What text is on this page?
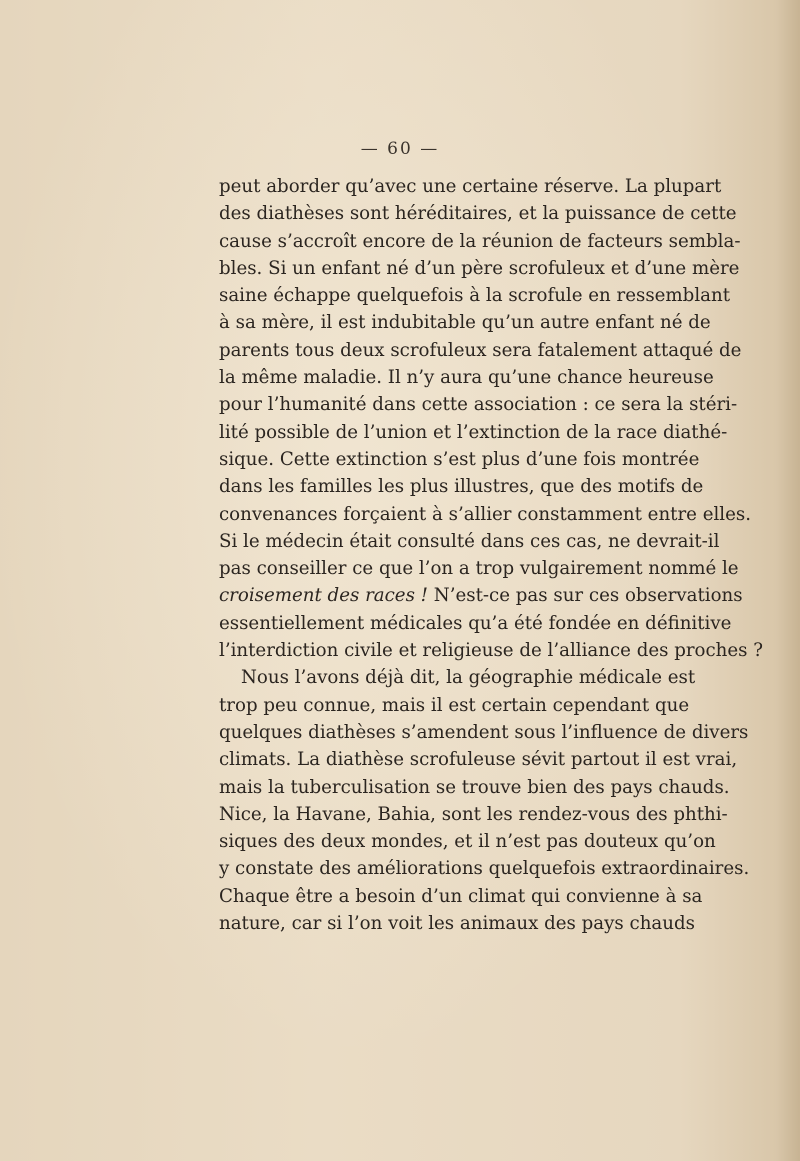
— 60 —
peut aborder qu’avec une certaine réserve. La plupart
des diathèses sont héréditaires, et la puissance de cette
cause s’accroît encore de la réunion de facteurs sembla-
bles. Si un enfant né d’un père scrofuleux et d’une mère
saine échappe quelquefois à la scrofule en ressemblant
à sa mère, il est indubitable qu’un autre enfant né de
parents tous deux scrofuleux sera fatalement attaqué de
la même maladie. Il n’y aura qu’une chance heureuse
pour l’humanité dans cette association : ce sera la stéri-
lité possible de l’union et l’extinction de la race diathé-
sique. Cette extinction s’est plus d’une fois montrée
dans les familles les plus illustres, que des motifs de
convenances forçaient à s’allier constamment entre elles.
Si le médecin était consulté dans ces cas, ne devrait-il
pas conseiller ce que l’on a trop vulgairement nommé le
croisement des races ! N’est-ce pas sur ces observations
essentiellement médicales qu’a été fondée en définitive
l’interdiction civile et religieuse de l’alliance des proches ?
Nous l’avons déjà dit, la géographie médicale est
trop peu connue, mais il est certain cependant que
quelques diathèses s’amendent sous l’influence de divers
climats. La diathèse scrofuleuse sévit partout il est vrai,
mais la tuberculisation se trouve bien des pays chauds.
Nice, la Havane, Bahia, sont les rendez-vous des phthi-
siques des deux mondes, et il n’est pas douteux qu’on
y constate des améliorations quelquefois extraordinaires.
Chaque être a besoin d’un climat qui convienne à sa
nature, car si l’on voit les animaux des pays chauds
